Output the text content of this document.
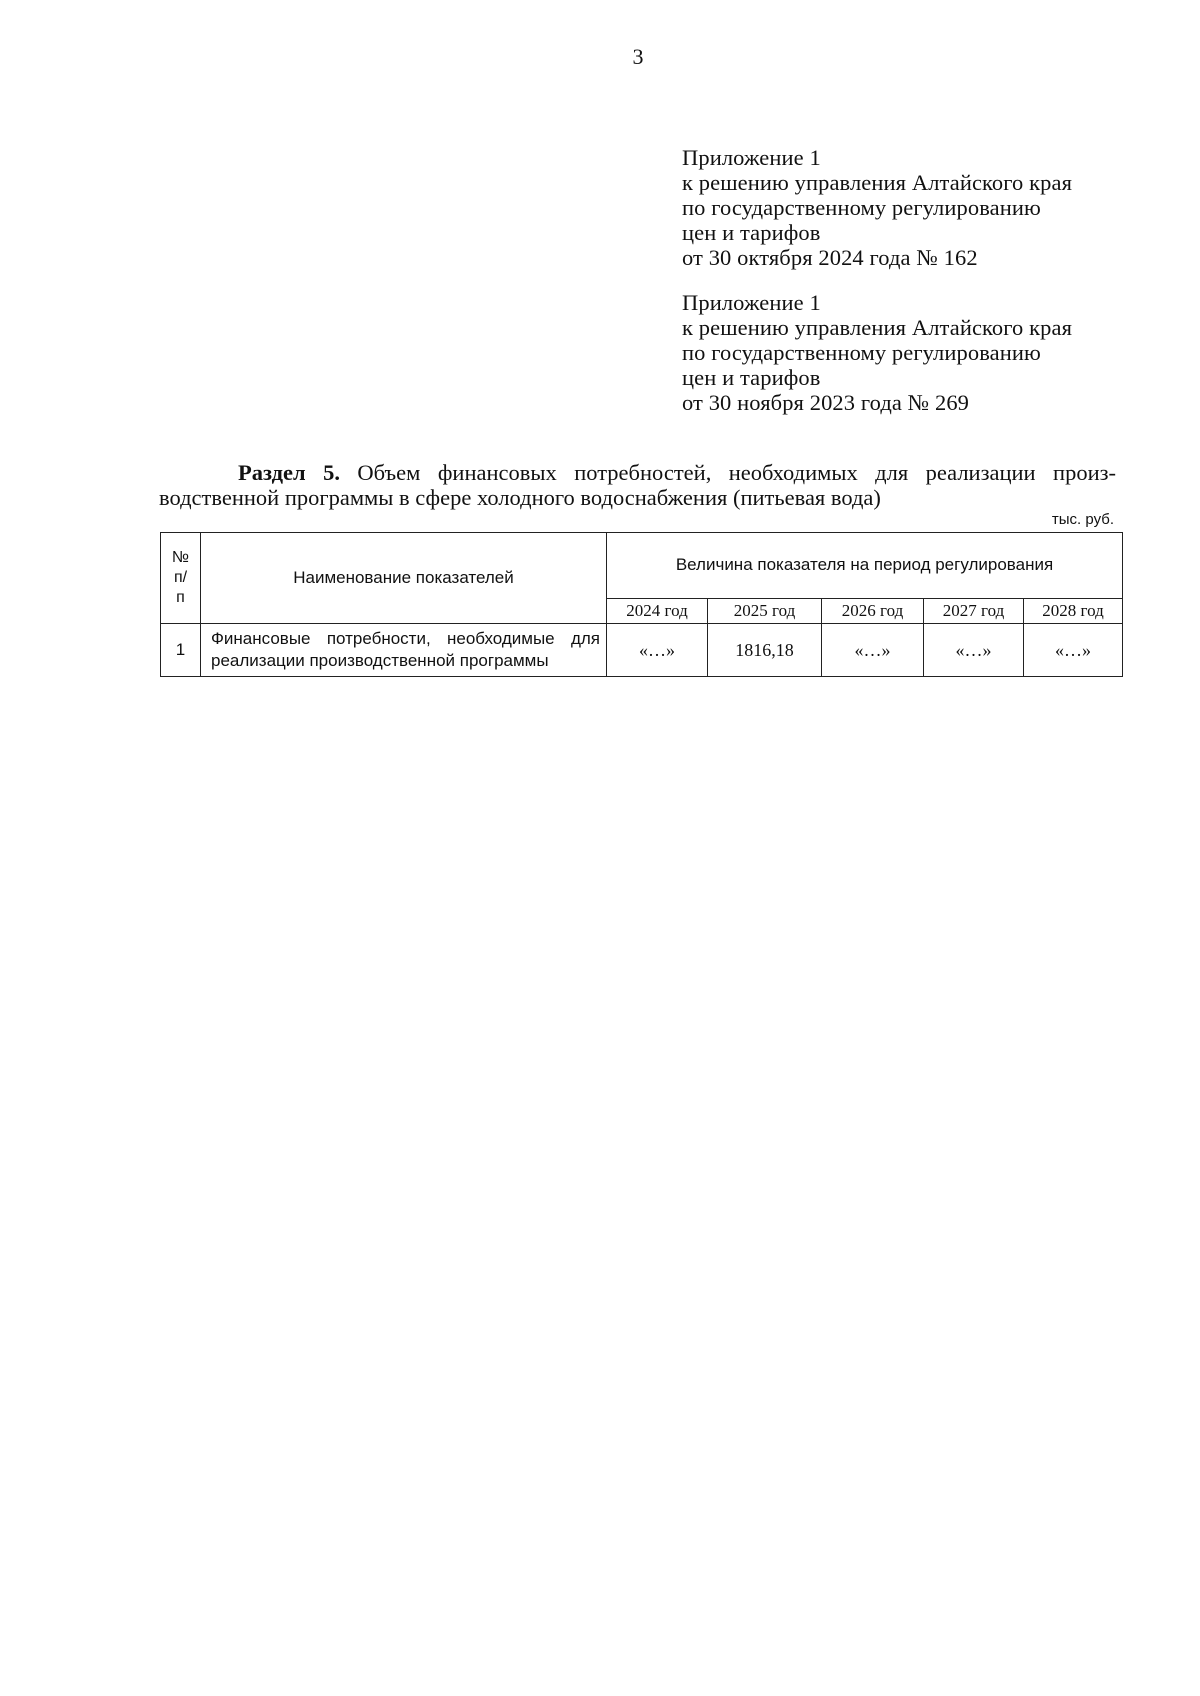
3
Приложение 1
к решению управления Алтайского края
по государственному регулированию
цен и тарифов
от 30 октября 2024 года № 162
Приложение 1
к решению управления Алтайского края
по государственному регулированию
цен и тарифов
от 30 ноября 2023 года № 269
Раздел 5. Объем финансовых потребностей, необходимых для реализации произ-
водственной программы в сфере холодного водоснабжения (питьевая вода)
тыс. руб.
№
п/
п	Наименование показателей	Величина показателя на период регулирования				
		2024 год	2025 год	2026 год	2027 год	2028 год
1	Финансовые потребности, необходимые для реализации производственной программы	«…»	1816,18	«…»	«…»	«…»
